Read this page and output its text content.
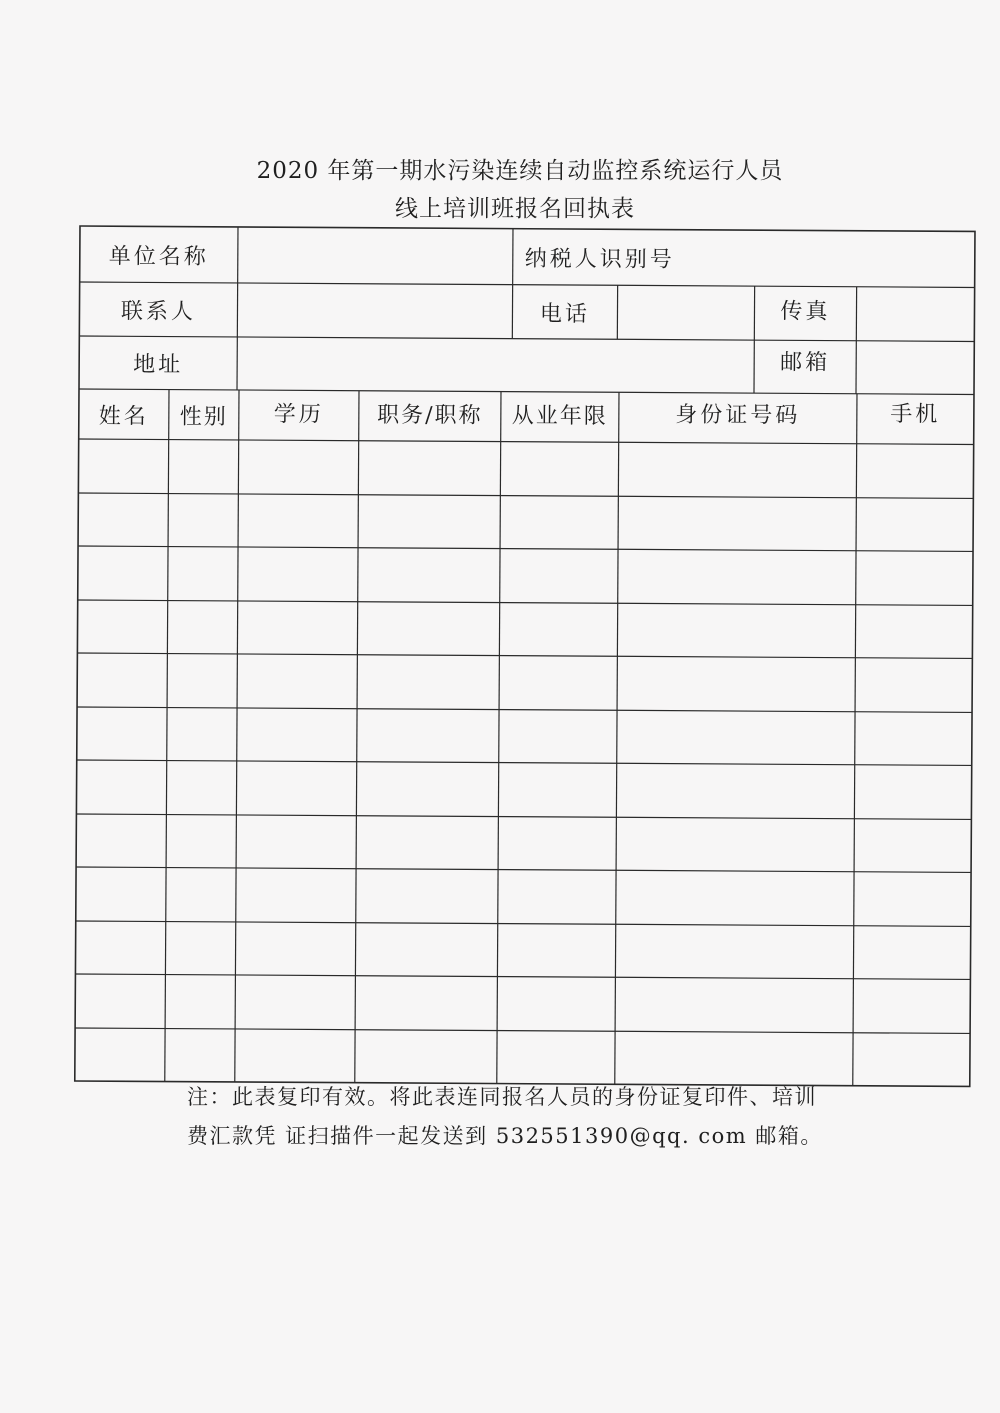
2020 年第一期水污染连续自动监控系统运行人员
线上培训班报名回执表
单位名称	纳税人识别号
联系人	电话	传真
地址	邮箱
姓名	性别	学历	职务/职称	从业年限	身份证号码	手机
注：此表复印有效。将此表连同报名人员的身份证复印件、培训
费汇款凭 证扫描件一起发送到 532551390@qq. com 邮箱。
